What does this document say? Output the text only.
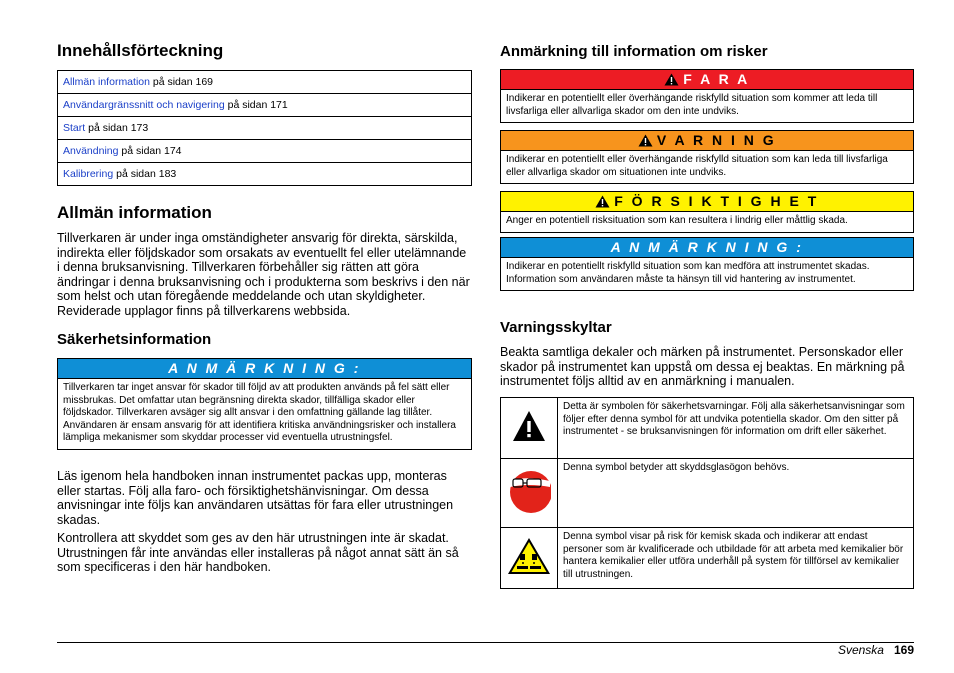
Innehållsförteckning
Allmän information på sidan 169
Användargränssnitt och navigering på sidan 171
Start på sidan 173
Användning på sidan 174
Kalibrering på sidan 183
Allmän information

Tillverkaren är under inga omständigheter ansvarig för direkta, särskilda, indirekta eller följdskador som orsakats av eventuellt fel eller utelämnande i denna bruksanvisning. Tillverkaren förbehåller sig rätten att göra ändringar i denna bruksanvisning och i produkterna som beskrivs i den när som helst och utan föregående meddelande och utan skyldigheter. Reviderade upplagor finns på tillverkarens webbsida.

Säkerhetsinformation
A N M Ä R K N I N G :
Tillverkaren tar inget ansvar för skador till följd av att produkten används på fel sätt eller missbrukas. Det omfattar utan begränsning direkta skador, tillfälliga skador eller följdskador. Tillverkaren avsäger sig allt ansvar i den omfattning gällande lag tillåter. Användaren är ensam ansvarig för att identifiera kritiska användningsrisker och installera lämpliga mekanismer som skyddar processer vid eventuella utrustningsfel.

Läs igenom hela handboken innan instrumentet packas upp, monteras eller startas. Följ alla faro- och försiktighetshänvisningar. Om dessa anvisningar inte följs kan användaren utsättas för fara eller utrustningen skadas.

Kontrollera att skyddet som ges av den här utrustningen inte är skadat. Utrustningen får inte användas eller installeras på något annat sätt än så som specificeras i den här handboken.

Anmärkning till information om risker
F A R A
Indikerar en potentiellt eller överhängande riskfylld situation som kommer att leda till livsfarliga eller allvarliga skador om den inte undviks.
V A R N I N G
Indikerar en potentiellt eller överhängande riskfylld situation som kan leda till livsfarliga eller allvarliga skador om situationen inte undviks.
F Ö R S I K T I G H E T
Anger en potentiell risksituation som kan resultera i lindrig eller måttlig skada.
A N M Ä R K N I N G :
Indikerar en potentiellt riskfylld situation som kan medföra att instrumentet skadas. Information som användaren måste ta hänsyn till vid hantering av instrumentet.
Varningsskyltar

Beakta samtliga dekaler och märken på instrumentet. Personskador eller skador på instrumentet kan uppstå om dessa ej beaktas. En märkning på instrumentet följs alltid av en anmärkning i manualen.

	Detta är symbolen för säkerhetsvarningar. Följ alla säkerhetsanvisningar som följer efter denna symbol för att undvika potentiella skador. Om den sitter på instrumentet - se bruksanvisningen för information om drift eller säkerhet.
	Denna symbol betyder att skyddsglasögon behövs.
	Denna symbol visar på risk för kemisk skada och indikerar att endast personer som är kvalificerade och utbildade för att arbeta med kemikalier bör hantera kemikalier eller utföra underhåll på system för tillförsel av kemikalier till utrustningen.
Svenska 169
